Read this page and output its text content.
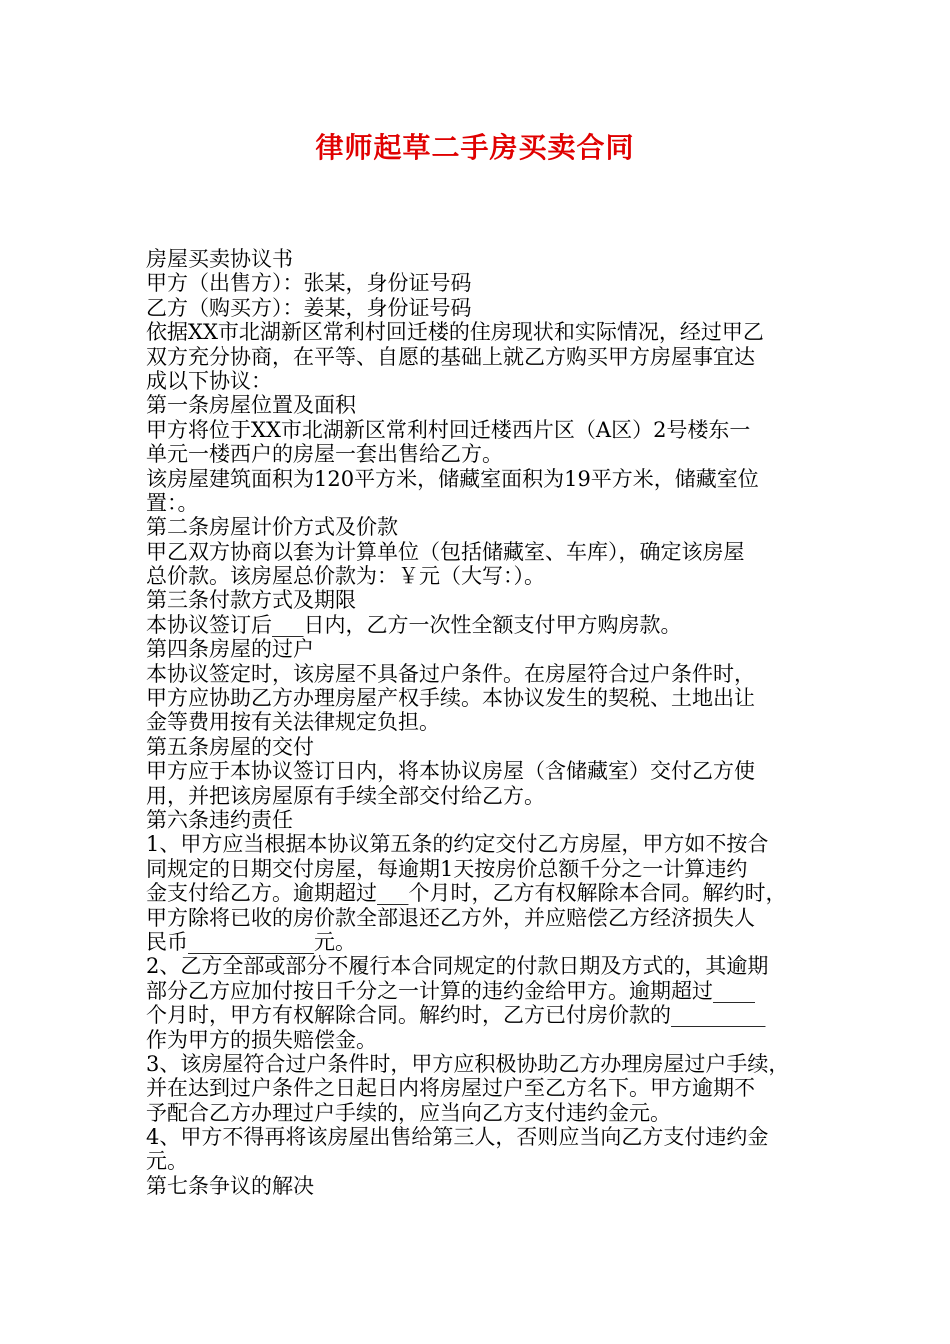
律师起草二手房买卖合同
房屋买卖协议书
甲方（出售方）：张某，身份证号码
乙方（购买方）：姜某，身份证号码
依据XX市北湖新区常利村回迁楼的住房现状和实际情况，经过甲乙
双方充分协商，在平等、自愿的基础上就乙方购买甲方房屋事宜达
成以下协议：
第一条房屋位置及面积
甲方将位于XX市北湖新区常利村回迁楼西片区（A区）2号楼东一
单元一楼西户的房屋一套出售给乙方。
该房屋建筑面积为120平方米，储藏室面积为19平方米，储藏室位
置：。
第二条房屋计价方式及价款
甲乙双方协商以套为计算单位（包括储藏室、车库），确定该房屋
总价款。该房屋总价款为：￥元（大写：）。
第三条付款方式及期限
本协议签订后___日内，乙方一次性全额支付甲方购房款。
第四条房屋的过户
本协议签定时，该房屋不具备过户条件。在房屋符合过户条件时，
甲方应协助乙方办理房屋产权手续。本协议发生的契税、土地出让
金等费用按有关法律规定负担。
第五条房屋的交付
甲方应于本协议签订日内，将本协议房屋（含储藏室）交付乙方使
用，并把该房屋原有手续全部交付给乙方。
第六条违约责任
1、甲方应当根据本协议第五条的约定交付乙方房屋，甲方如不按合
同规定的日期交付房屋，每逾期1天按房价总额千分之一计算违约
金支付给乙方。逾期超过___个月时，乙方有权解除本合同。解约时，
甲方除将已收的房价款全部退还乙方外，并应赔偿乙方经济损失人
民币____________元。
2、乙方全部或部分不履行本合同规定的付款日期及方式的，其逾期
部分乙方应加付按日千分之一计算的违约金给甲方。逾期超过____
个月时，甲方有权解除合同。解约时，乙方已付房价款的_________
作为甲方的损失赔偿金。
3、该房屋符合过户条件时，甲方应积极协助乙方办理房屋过户手续，
并在达到过户条件之日起日内将房屋过户至乙方名下。甲方逾期不
予配合乙方办理过户手续的，应当向乙方支付违约金元。
4、甲方不得再将该房屋出售给第三人，否则应当向乙方支付违约金
元。
第七条争议的解决
